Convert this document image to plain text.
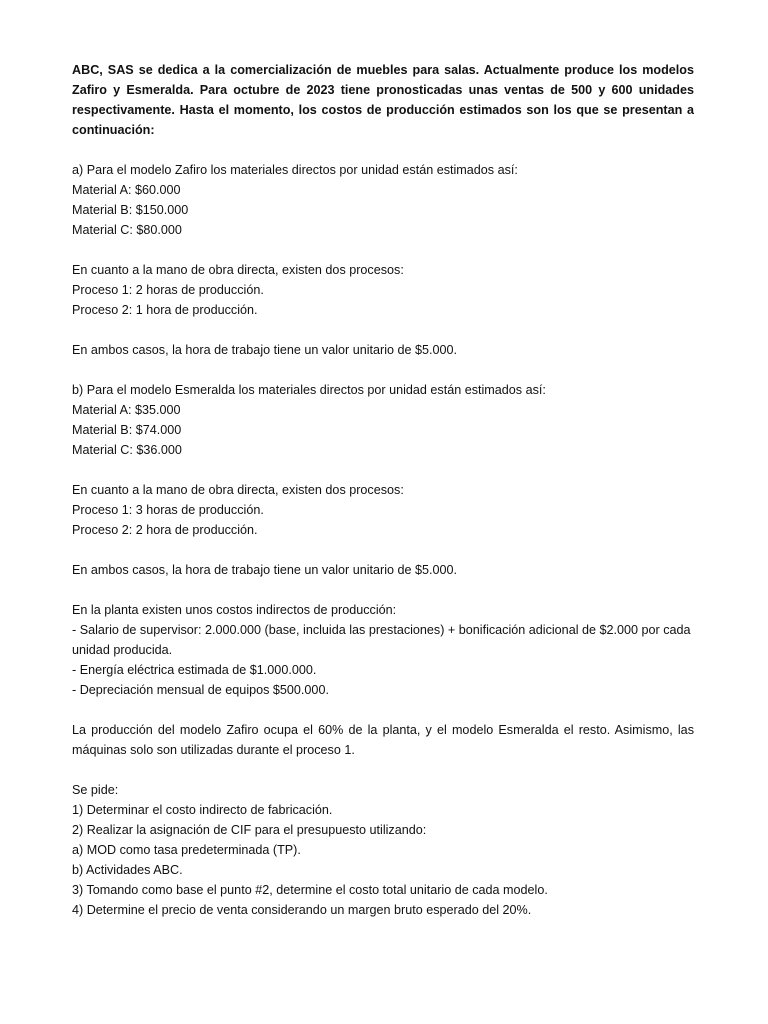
ABC, SAS se dedica a la comercialización de muebles para salas. Actualmente produce los modelos Zafiro y Esmeralda. Para octubre de 2023 tiene pronosticadas unas ventas de 500 y 600 unidades respectivamente. Hasta el momento, los costos de producción estimados son los que se presentan a continuación:

a) Para el modelo Zafiro los materiales directos por unidad están estimados así:
Material A: $60.000
Material B: $150.000
Material C: $80.000
En cuanto a la mano de obra directa, existen dos procesos:
Proceso 1: 2 horas de producción.
Proceso 2: 1 hora de producción.
En ambos casos, la hora de trabajo tiene un valor unitario de $5.000.
b) Para el modelo Esmeralda los materiales directos por unidad están estimados así:
Material A: $35.000
Material B: $74.000
Material C: $36.000
En cuanto a la mano de obra directa, existen dos procesos:
Proceso 1: 3 horas de producción.
Proceso 2: 2 hora de producción.
En ambos casos, la hora de trabajo tiene un valor unitario de $5.000.
En la planta existen unos costos indirectos de producción:
- Salario de supervisor: 2.000.000 (base, incluida las prestaciones) + bonificación adicional de $2.000 por cada unidad producida.
- Energía eléctrica estimada de $1.000.000.
- Depreciación mensual de equipos $500.000.
La producción del modelo Zafiro ocupa el 60% de la planta, y el modelo Esmeralda el resto. Asimismo, las máquinas solo son utilizadas durante el proceso 1.
Se pide:
1) Determinar el costo indirecto de fabricación.
2) Realizar la asignación de CIF para el presupuesto utilizando:
a) MOD como tasa predeterminada (TP).
b) Actividades ABC.
3) Tomando como base el punto #2, determine el costo total unitario de cada modelo.
4) Determine el precio de venta considerando un margen bruto esperado del 20%.
